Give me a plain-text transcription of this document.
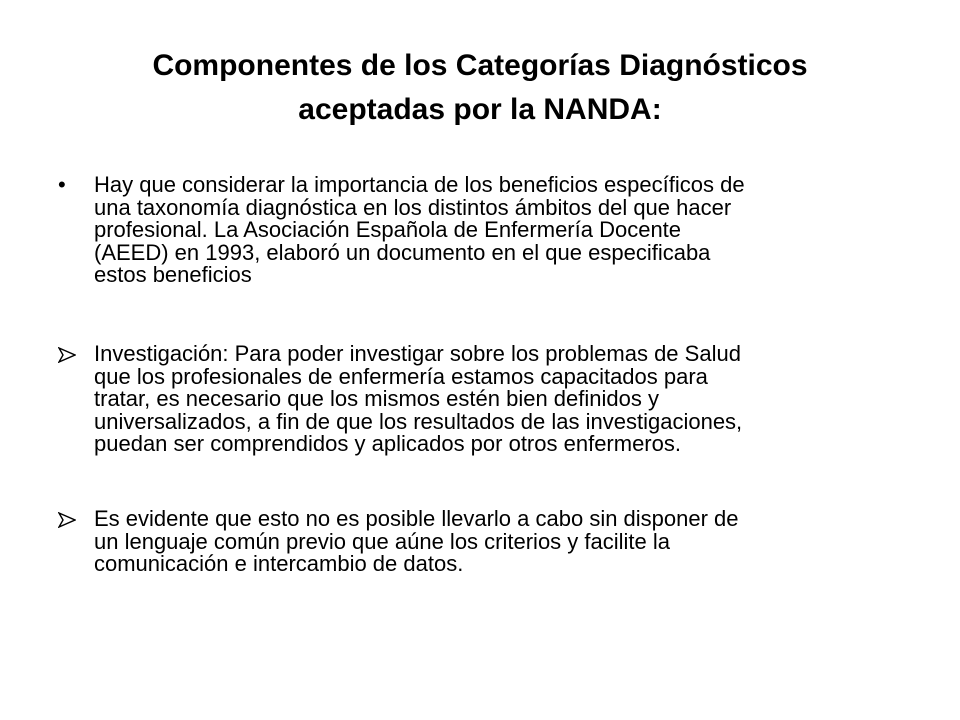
Componentes de los Categorías Diagnósticos
aceptadas por la NANDA:
•	Hay que considerar la importancia de los beneficios específicos de
una taxonomía diagnóstica en los distintos ámbitos del que hacer
profesional. La Asociación Española de Enfermería Docente
(AEED) en 1993, elaboró un documento en el que especificaba
estos beneficios

Investigación: Para poder investigar sobre los problemas de Salud
que los profesionales de enfermería estamos capacitados para
tratar, es necesario que los mismos estén bien definidos y
universalizados, a fin de que los resultados de las investigaciones,
puedan ser comprendidos y aplicados por otros enfermeros.

Es evidente que esto no es posible llevarlo a cabo sin disponer de
un lenguaje común previo que aúne los criterios y facilite la
comunicación e intercambio de datos.
